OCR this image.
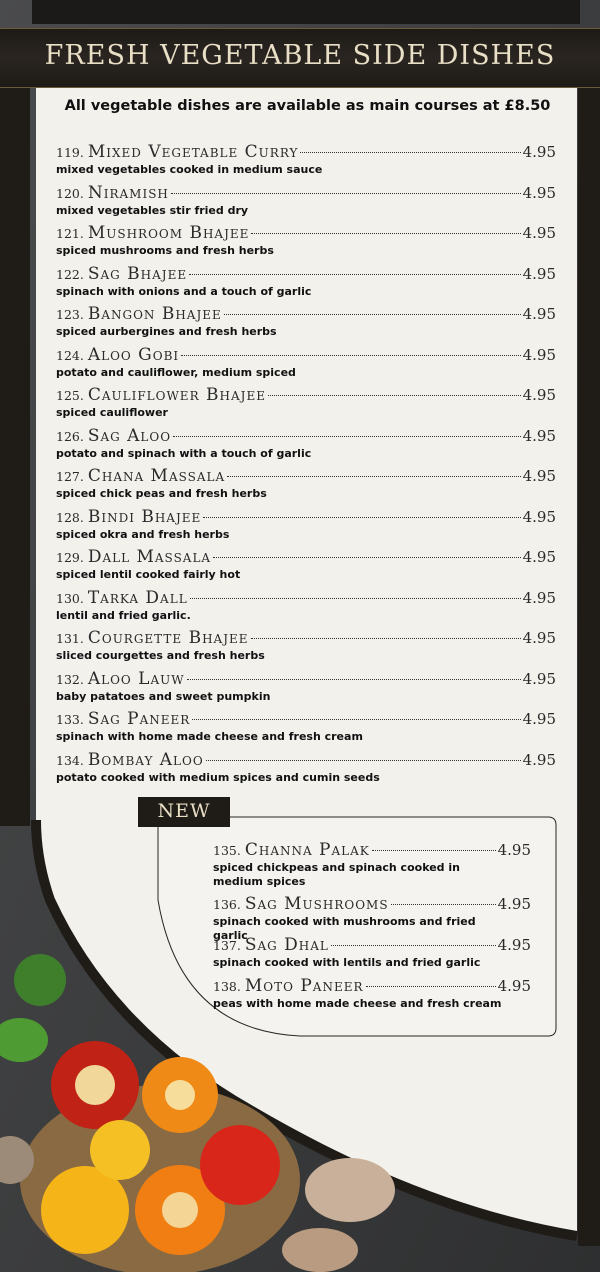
FRESH VEGETABLE SIDE DISHES
All vegetable dishes are available as main courses at £8.50
119. Mixed Vegetable Curry	4.95
mixed vegetables cooked in medium sauce
120. Niramish	4.95
mixed vegetables stir fried dry
121. Mushroom Bhajee	4.95
spiced mushrooms and fresh herbs
122. Sag Bhajee	4.95
spinach with onions and a touch of garlic
123. Bangon Bhajee	4.95
spiced aurbergines and fresh herbs
124. Aloo Gobi	4.95
potato and cauliflower, medium spiced
125. Cauliflower Bhajee	4.95
spiced cauliflower
126. Sag Aloo	4.95
potato and spinach with a touch of garlic
127. Chana Massala	4.95
spiced chick peas and fresh herbs
128. Bindi Bhajee	4.95
spiced okra and fresh herbs
129. Dall Massala	4.95
spiced lentil cooked fairly hot
130. Tarka Dall	4.95
lentil and fried garlic.
131. Courgette Bhajee	4.95
sliced courgettes and fresh herbs
132. Aloo Lauw	4.95
baby patatoes and sweet pumpkin
133. Sag Paneer	4.95
spinach with home made cheese and fresh cream
134. Bombay Aloo	4.95
potato cooked with medium spices and cumin seeds
NEW
135. Channa Palak	4.95
spiced chickpeas and spinach cooked in medium spices
136. Sag Mushrooms	4.95
spinach cooked with mushrooms and fried garlic
137. Sag Dhal	4.95
spinach cooked with lentils and fried garlic
138. Moto Paneer	4.95
peas with home made cheese and fresh cream
